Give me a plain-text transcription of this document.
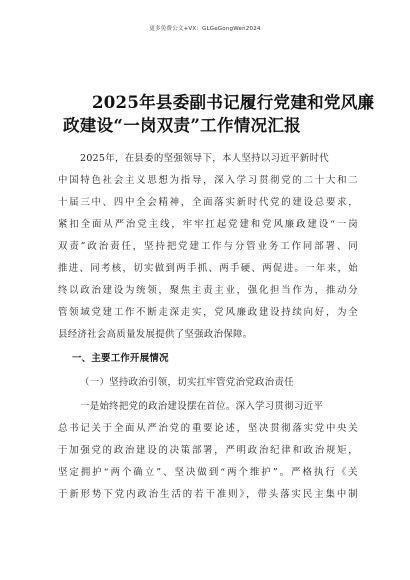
更多免费公文+VX：GLGeGongWen2024
2025年县委副书记履行党建和党风廉
政建设“一岗双责”工作情况汇报
2025年，在县委的坚强领导下，本人坚持以习近平新时代
中国特色社会主义思想为指导，深入学习贯彻党的二十大和二
十届三中、四中全会精神，全面落实新时代党的建设总要求，
紧扣全面从严治党主线，牢牢扛起党建和党风廉政建设“一岗
双责”政治责任，坚持把党建工作与分管业务工作同部署、同
推进、同考核，切实做到两手抓、两手硬、两促进。一年来，始
终以政治建设为统领，聚焦主责主业，强化担当作为，推动分
管领域党建工作不断走深走实，党风廉政建设持续向好，为全
县经济社会高质量发展提供了坚强政治保障。
一、主要工作开展情况
（一）坚持政治引领，切实扛牢管党治党政治责任
一是始终把党的政治建设摆在首位。深入学习贯彻习近平
总书记关于全面从严治党的重要论述，坚决贯彻落实党中央关
于加强党的政治建设的决策部署，严明政治纪律和政治规矩，
坚定拥护“两个确立”、坚决做到“两个维护”。严格执行《关
于新形势下党内政治生活的若干准则》，带头落实民主集中制
